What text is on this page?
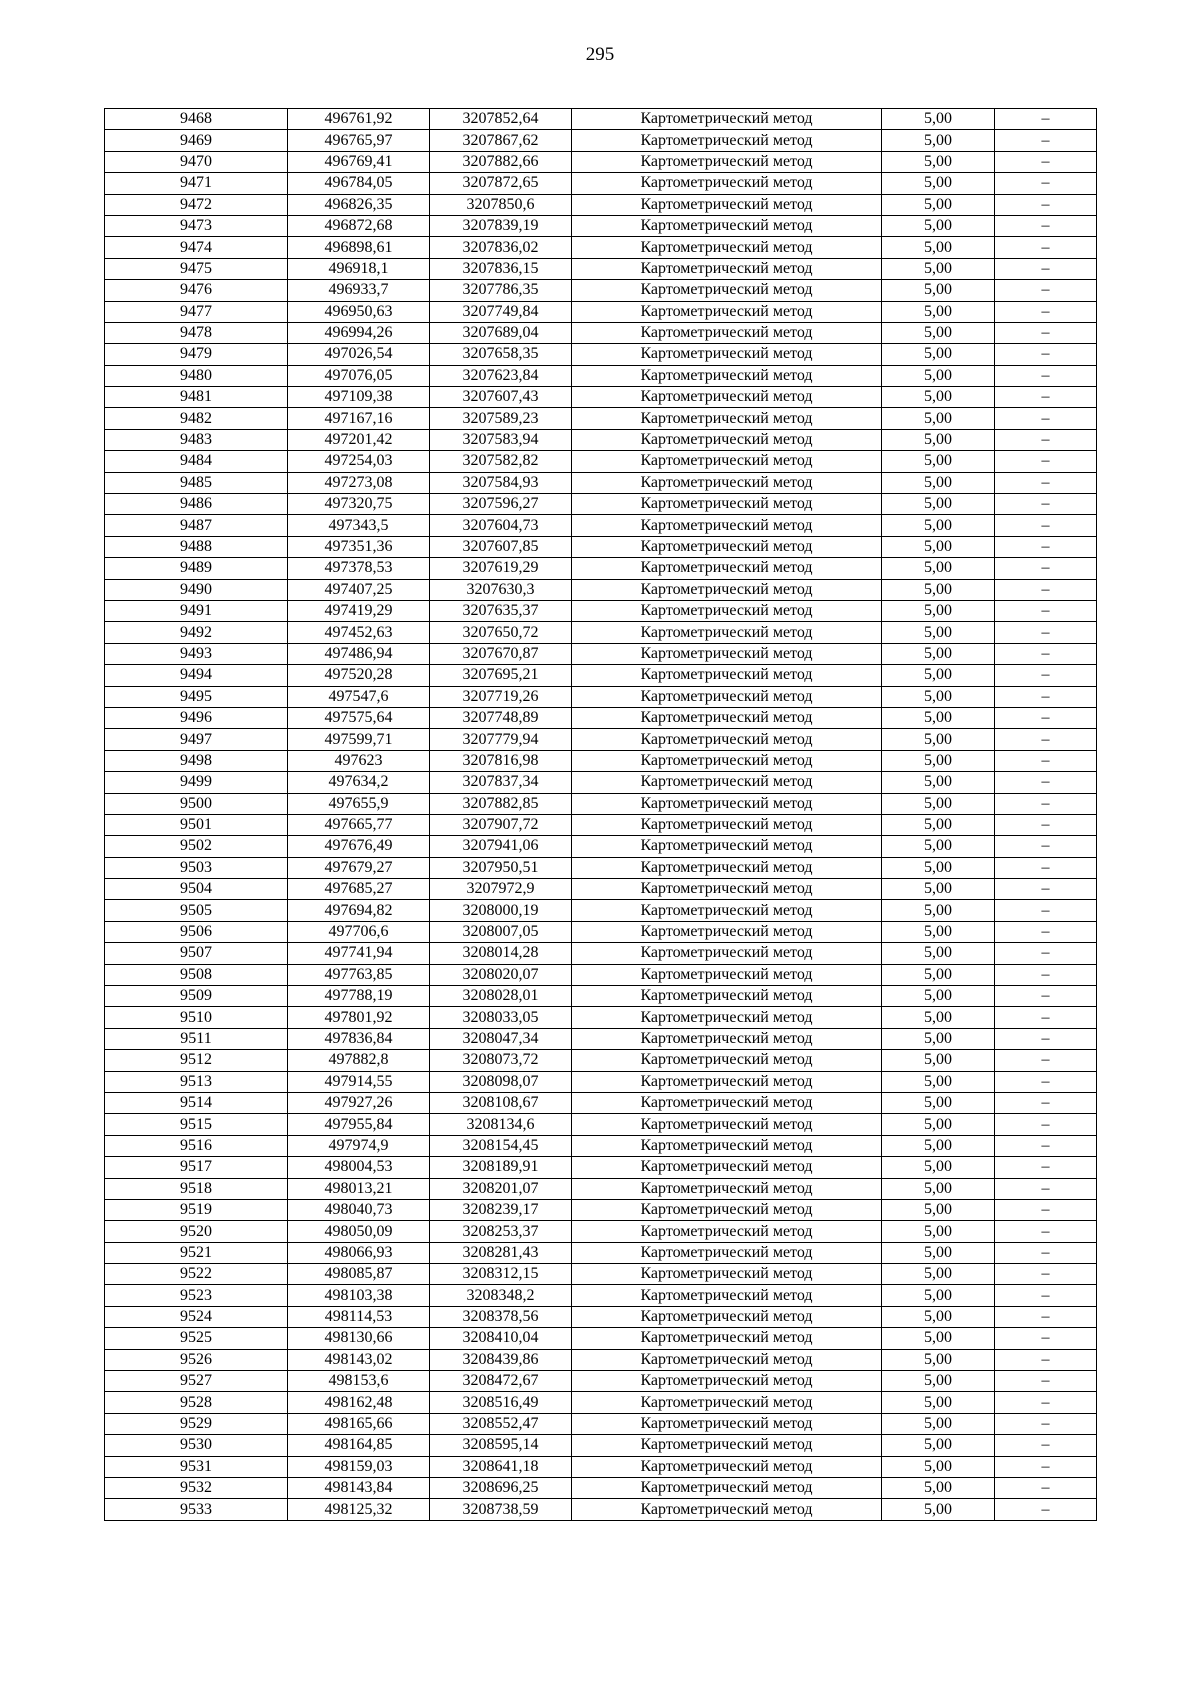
295
9468	496761,92	3207852,64	Картометрический метод	5,00	–
9469	496765,97	3207867,62	Картометрический метод	5,00	–
9470	496769,41	3207882,66	Картометрический метод	5,00	–
9471	496784,05	3207872,65	Картометрический метод	5,00	–
9472	496826,35	3207850,6	Картометрический метод	5,00	–
9473	496872,68	3207839,19	Картометрический метод	5,00	–
9474	496898,61	3207836,02	Картометрический метод	5,00	–
9475	496918,1	3207836,15	Картометрический метод	5,00	–
9476	496933,7	3207786,35	Картометрический метод	5,00	–
9477	496950,63	3207749,84	Картометрический метод	5,00	–
9478	496994,26	3207689,04	Картометрический метод	5,00	–
9479	497026,54	3207658,35	Картометрический метод	5,00	–
9480	497076,05	3207623,84	Картометрический метод	5,00	–
9481	497109,38	3207607,43	Картометрический метод	5,00	–
9482	497167,16	3207589,23	Картометрический метод	5,00	–
9483	497201,42	3207583,94	Картометрический метод	5,00	–
9484	497254,03	3207582,82	Картометрический метод	5,00	–
9485	497273,08	3207584,93	Картометрический метод	5,00	–
9486	497320,75	3207596,27	Картометрический метод	5,00	–
9487	497343,5	3207604,73	Картометрический метод	5,00	–
9488	497351,36	3207607,85	Картометрический метод	5,00	–
9489	497378,53	3207619,29	Картометрический метод	5,00	–
9490	497407,25	3207630,3	Картометрический метод	5,00	–
9491	497419,29	3207635,37	Картометрический метод	5,00	–
9492	497452,63	3207650,72	Картометрический метод	5,00	–
9493	497486,94	3207670,87	Картометрический метод	5,00	–
9494	497520,28	3207695,21	Картометрический метод	5,00	–
9495	497547,6	3207719,26	Картометрический метод	5,00	–
9496	497575,64	3207748,89	Картометрический метод	5,00	–
9497	497599,71	3207779,94	Картометрический метод	5,00	–
9498	497623	3207816,98	Картометрический метод	5,00	–
9499	497634,2	3207837,34	Картометрический метод	5,00	–
9500	497655,9	3207882,85	Картометрический метод	5,00	–
9501	497665,77	3207907,72	Картометрический метод	5,00	–
9502	497676,49	3207941,06	Картометрический метод	5,00	–
9503	497679,27	3207950,51	Картометрический метод	5,00	–
9504	497685,27	3207972,9	Картометрический метод	5,00	–
9505	497694,82	3208000,19	Картометрический метод	5,00	–
9506	497706,6	3208007,05	Картометрический метод	5,00	–
9507	497741,94	3208014,28	Картометрический метод	5,00	–
9508	497763,85	3208020,07	Картометрический метод	5,00	–
9509	497788,19	3208028,01	Картометрический метод	5,00	–
9510	497801,92	3208033,05	Картометрический метод	5,00	–
9511	497836,84	3208047,34	Картометрический метод	5,00	–
9512	497882,8	3208073,72	Картометрический метод	5,00	–
9513	497914,55	3208098,07	Картометрический метод	5,00	–
9514	497927,26	3208108,67	Картометрический метод	5,00	–
9515	497955,84	3208134,6	Картометрический метод	5,00	–
9516	497974,9	3208154,45	Картометрический метод	5,00	–
9517	498004,53	3208189,91	Картометрический метод	5,00	–
9518	498013,21	3208201,07	Картометрический метод	5,00	–
9519	498040,73	3208239,17	Картометрический метод	5,00	–
9520	498050,09	3208253,37	Картометрический метод	5,00	–
9521	498066,93	3208281,43	Картометрический метод	5,00	–
9522	498085,87	3208312,15	Картометрический метод	5,00	–
9523	498103,38	3208348,2	Картометрический метод	5,00	–
9524	498114,53	3208378,56	Картометрический метод	5,00	–
9525	498130,66	3208410,04	Картометрический метод	5,00	–
9526	498143,02	3208439,86	Картометрический метод	5,00	–
9527	498153,6	3208472,67	Картометрический метод	5,00	–
9528	498162,48	3208516,49	Картометрический метод	5,00	–
9529	498165,66	3208552,47	Картометрический метод	5,00	–
9530	498164,85	3208595,14	Картометрический метод	5,00	–
9531	498159,03	3208641,18	Картометрический метод	5,00	–
9532	498143,84	3208696,25	Картометрический метод	5,00	–
9533	498125,32	3208738,59	Картометрический метод	5,00	–
